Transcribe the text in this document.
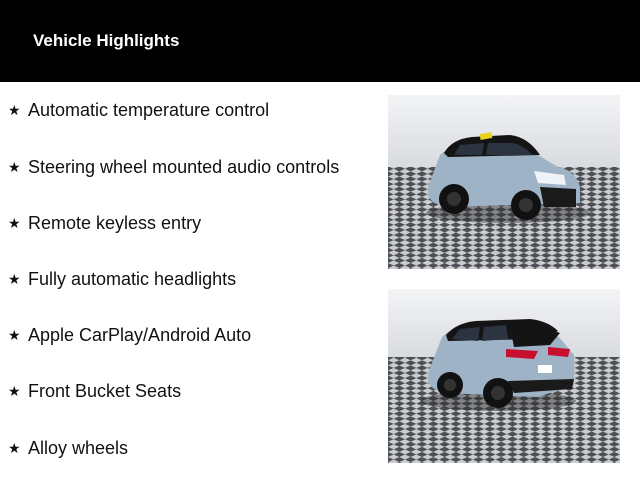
Vehicle Highlights
★ Automatic temperature control
★ Steering wheel mounted audio controls
★ Remote keyless entry
★ Fully automatic headlights
★ Apple CarPlay/Android Auto
★ Front Bucket Seats
★ Alloy wheels
